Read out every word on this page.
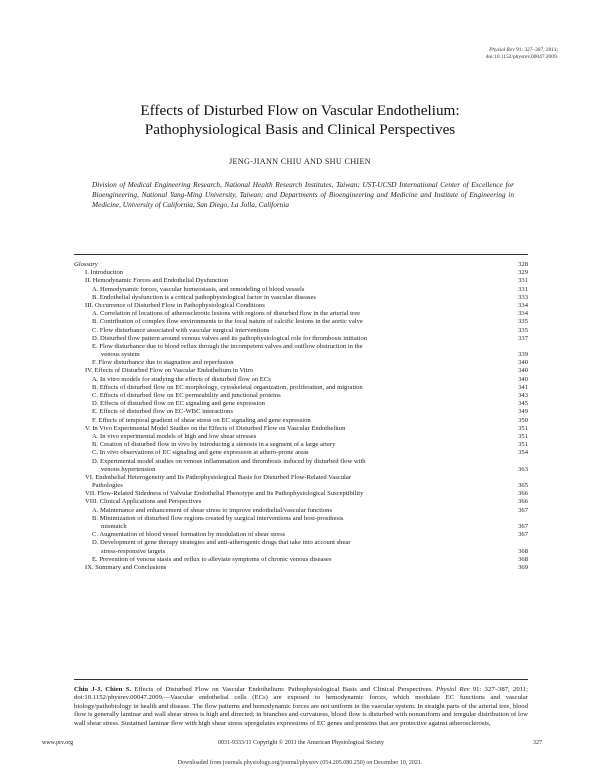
Physiol Rev 91: 327–387, 2011;
doi:10.1152/physrev.00047.2009.
Effects of Disturbed Flow on Vascular Endothelium:
Pathophysiological Basis and Clinical Perspectives
JENG-JIANN CHIU AND SHU CHIEN
Division of Medical Engineering Research, National Health Research Institutes, Taiwan; UST-UCSD International Center of Excellence for Bioengineering, National Yang-Ming University, Taiwan; and Departments of Bioengineering and Medicine and Institute of Engineering in Medicine, University of California, San Diego, La Jolla, California
Glossary	328
I. Introduction	329
II. Hemodynamic Forces and Endothelial Dysfunction	331
A. Hemodynamic forces, vascular homeostasis, and remodeling of blood vessels	331
B. Endothelial dysfunction is a critical pathophysiological factor in vascular diseases	333
III. Occurrence of Disturbed Flow in Pathophysiological Conditions	334
A. Correlation of locations of atherosclerotic lesions with regions of disturbed flow in the arterial tree	334
B. Contribution of complex flow environments to the focal nature of calcific lesions in the aortic valve	335
C. Flow disturbance associated with vascular surgical interventions	335
D. Disturbed flow pattern around venous valves and its pathophysiological role for thrombosis initiation	337
E. Flow disturbance due to blood reflux through the incompetent valves and outflow obstruction in the
venous system	339
F. Flow disturbance due to stagnation and reperfusion	340
IV. Effects of Disturbed Flow on Vascular Endothelium in Vitro	340
A. In vitro models for studying the effects of disturbed flow on ECs	340
B. Effects of disturbed flow on EC morphology, cytoskeletal organization, proliferation, and migration	341
C. Effects of disturbed flow on EC permeability and junctional proteins	343
D. Effects of disturbed flow on EC signaling and gene expression	345
E. Effects of disturbed flow on EC-WBC interactions	349
F. Effects of temporal gradient of shear stress on EC signaling and gene expression	350
V. In Vivo Experimental Model Studies on the Effects of Disturbed Flow on Vascular Endothelium	351
A. In vivo experimental models of high and low shear stresses	351
B. Creation of disturbed flow in vivo by introducing a stenosis in a segment of a large artery	351
C. In vivo observations of EC signaling and gene expression at athero-prone areas	354
D. Experimental model studies on venous inflammation and thrombosis induced by disturbed flow with
venous hypertension	363
VI. Endothelial Heterogeneity and Its Pathophysiological Basis for Disturbed Flow-Related Vascular
Pathologies	365
VII. Flow-Related Sidedness of Valvular Endothelial Phenotype and Its Pathophysiological Susceptibility	366
VIII. Clinical Applications and Perspectives	366
A. Maintenance and enhancement of shear stress to improve endothelial/vascular functions	367
B. Minimization of disturbed flow regions created by surgical interventions and host-prosthesis
mismatch	367
C. Augmentation of blood vessel formation by modulation of shear stress	367
D. Development of gene therapy strategies and anti-atherogenic drugs that take into account shear
stress-responsive targets	368
E. Prevention of venous stasis and reflux to alleviate symptoms of chronic venous diseases	368
IX. Summary and Conclusions	369
Chiu J-J, Chien S. Effects of Disturbed Flow on Vascular Endothelium: Pathophysiological Basis and Clinical Perspectives. Physiol Rev 91: 327–387, 2011; doi:10.1152/physrev.00047.2009.—Vascular endothelial cells (ECs) are exposed to hemodynamic forces, which modulate EC functions and vascular biology/pathobiology in health and disease. The flow patterns and hemodynamic forces are not uniform in the vascular system. In straight parts of the arterial tree, blood flow is generally laminar and wall shear stress is high and directed; in branches and curvatures, blood flow is disturbed with nonuniform and irregular distribution of low wall shear stress. Sustained laminar flow with high shear stress upregulates expressions of EC genes and proteins that are protective against atherosclerosis,
www.prv.org	0031-9333/11 Copyright © 2011 the American Physiological Society	327
Downloaded from journals.physiology.org/journal/physrev (054.205.080.250) on December 10, 2021.
